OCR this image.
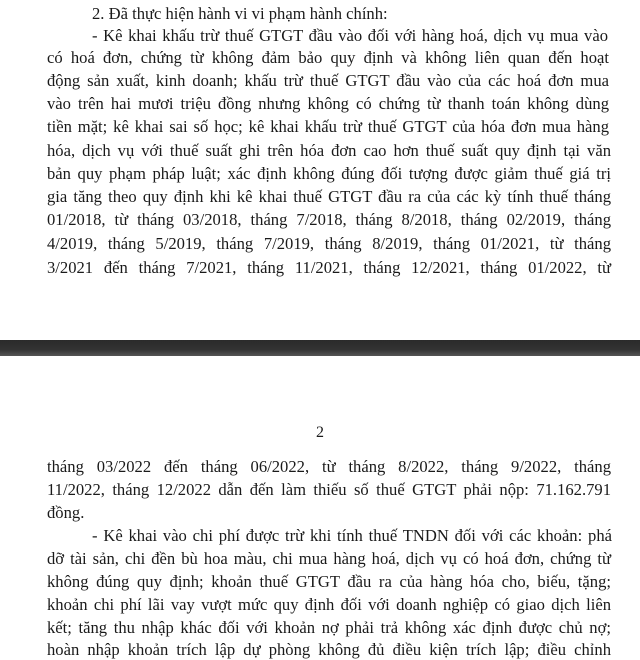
2. Đã thực hiện hành vi vi phạm hành chính:

- Kê khai khấu trừ thuế GTGT đầu vào đối với hàng hoá, dịch vụ mua vào

có hoá đơn, chứng từ không đảm bảo quy định và không liên quan đến hoạt

động sản xuất, kinh doanh; khấu trừ thuế GTGT đầu vào của các hoá đơn mua

vào trên hai mươi triệu đồng nhưng không có chứng từ thanh toán không dùng

tiền mặt; kê khai sai số học; kê khai khấu trừ thuế GTGT của hóa đơn mua hàng

hóa, dịch vụ với thuế suất ghi trên hóa đơn cao hơn thuế suất quy định tại văn

bản quy phạm pháp luật; xác định không đúng đối tượng được giảm thuế giá trị

gia tăng theo quy định khi kê khai thuế GTGT đầu ra của các kỳ tính thuế tháng

01/2018, từ tháng 03/2018, tháng 7/2018, tháng 8/2018, tháng 02/2019, tháng

4/2019, tháng 5/2019, tháng 7/2019, tháng 8/2019, tháng 01/2021, từ tháng

3/2021 đến tháng 7/2021, tháng 11/2021, tháng 12/2021, tháng 01/2022, từ

2

tháng 03/2022 đến tháng 06/2022, từ tháng 8/2022, tháng 9/2022, tháng

11/2022, tháng 12/2022 dẫn đến làm thiếu số thuế GTGT phải nộp: 71.162.791

đồng.

- Kê khai vào chi phí được trừ khi tính thuế TNDN đối với các khoản: phá

dỡ tài sản, chi đền bù hoa màu, chi mua hàng hoá, dịch vụ có hoá đơn, chứng từ

không đúng quy định; khoản thuế GTGT đầu ra của hàng hóa cho, biếu, tặng;

khoản chi phí lãi vay vượt mức quy định đối với doanh nghiệp có giao dịch liên

kết; tăng thu nhập khác đối với khoản nợ phải trả không xác định được chủ nợ;

hoàn nhập khoản trích lập dự phòng không đủ điều kiện trích lập; điều chỉnh
